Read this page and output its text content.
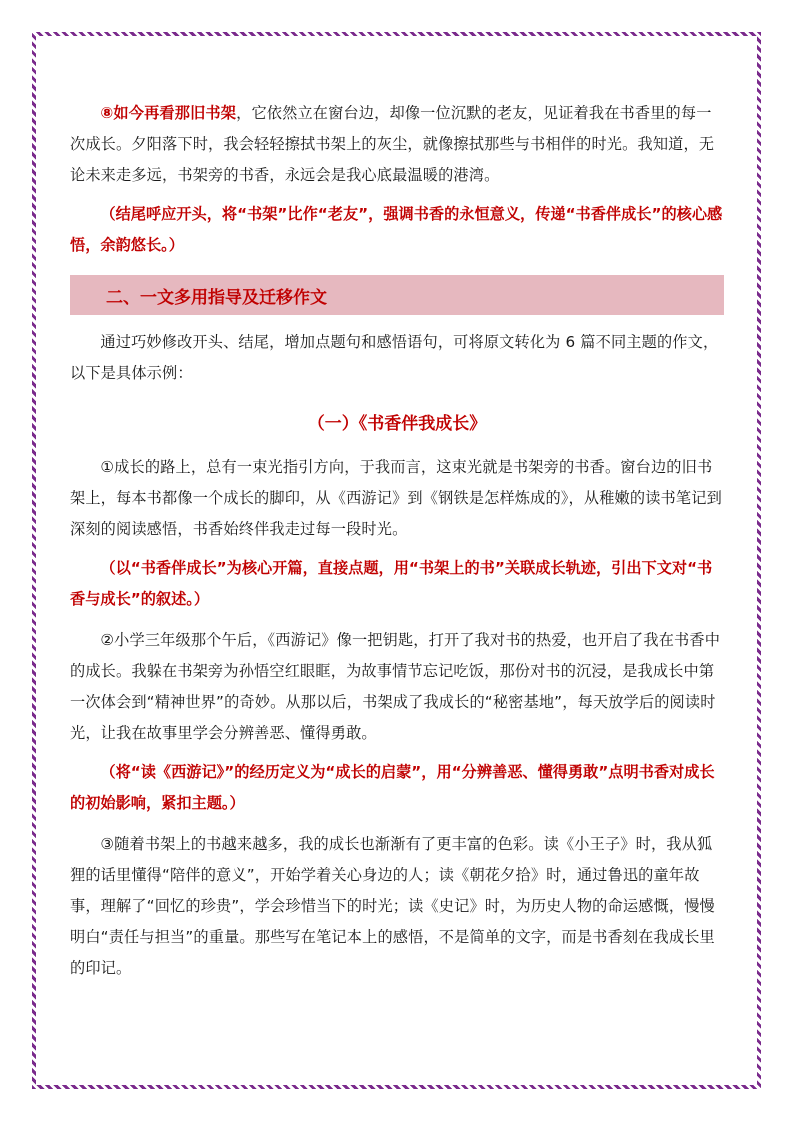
⑧如今再看那旧书架，它依然立在窗台边，却像一位沉默的老友，见证着我在书香里的每一次成长。夕阳落下时，我会轻轻擦拭书架上的灰尘，就像擦拭那些与书相伴的时光。我知道，无论未来走多远，书架旁的书香，永远会是我心底最温暖的港湾。

（结尾呼应开头，将“书架”比作“老友”，强调书香的永恒意义，传递“书香伴成长”的核心感悟，余韵悠长。）

二、一文多用指导及迁移作文

通过巧妙修改开头、结尾，增加点题句和感悟语句，可将原文转化为 6 篇不同主题的作文，以下是具体示例：

（一）《书香伴我成长》

①成长的路上，总有一束光指引方向，于我而言，这束光就是书架旁的书香。窗台边的旧书架上，每本书都像一个成长的脚印，从《西游记》到《钢铁是怎样炼成的》，从稚嫩的读书笔记到深刻的阅读感悟，书香始终伴我走过每一段时光。

（以“书香伴成长”为核心开篇，直接点题，用“书架上的书”关联成长轨迹，引出下文对“书香与成长”的叙述。）

②小学三年级那个午后，《西游记》像一把钥匙，打开了我对书的热爱，也开启了我在书香中的成长。我躲在书架旁为孙悟空红眼眶，为故事情节忘记吃饭，那份对书的沉浸，是我成长中第一次体会到“精神世界”的奇妙。从那以后，书架成了我成长的“秘密基地”，每天放学后的阅读时光，让我在故事里学会分辨善恶、懂得勇敢。

（将“读《西游记》”的经历定义为“成长的启蒙”，用“分辨善恶、懂得勇敢”点明书香对成长的初始影响，紧扣主题。）

③随着书架上的书越来越多，我的成长也渐渐有了更丰富的色彩。读《小王子》时，我从狐狸的话里懂得“陪伴的意义”，开始学着关心身边的人；读《朝花夕拾》时，通过鲁迅的童年故事，理解了“回忆的珍贵”，学会珍惜当下的时光；读《史记》时，为历史人物的命运感慨，慢慢明白“责任与担当”的重量。那些写在笔记本上的感悟，不是简单的文字，而是书香刻在我成长里的印记。
